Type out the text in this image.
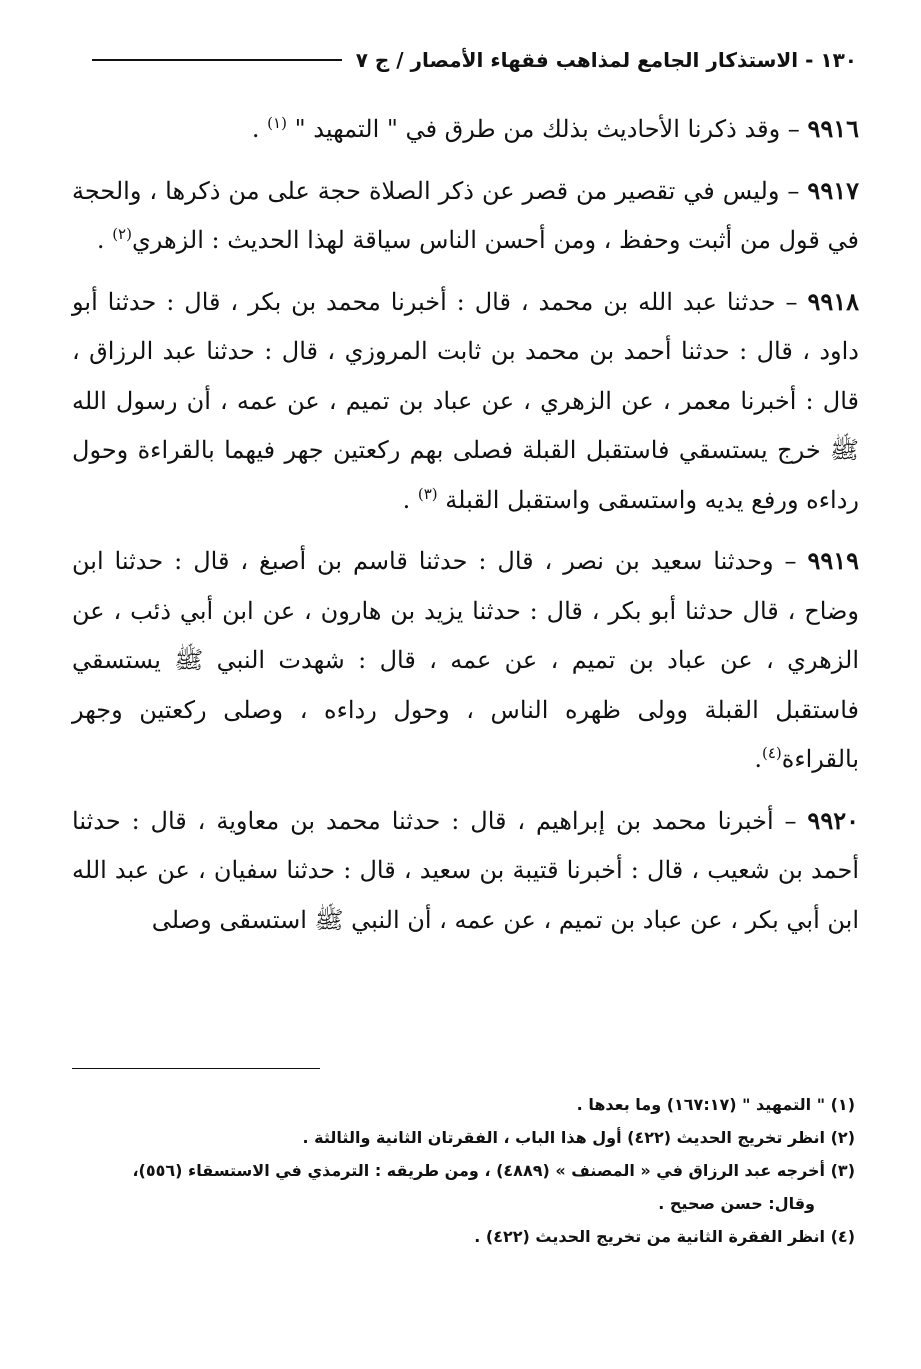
١٣٠ - الاستذكار الجامع لمذاهب فقهاء الأمصار / ج ٧

٩٩١٦ – وقد ذكرنا الأحاديث بذلك من طرق في " التمهيد " $^{(١)}$ .

٩٩١٧ – وليس في تقصير من قصر عن ذكر الصلاة حجة على من ذكرها ، والحجة في قول من أثبت وحفظ ، ومن أحسن الناس سياقة لهذا الحديث : الزهري$^{(٢)}$ .

٩٩١٨ – حدثنا عبد الله بن محمد ، قال : أخبرنا محمد بن بكر ، قال : حدثنا أبو داود ، قال : حدثنا أحمد بن محمد بن ثابت المروزي ، قال : حدثنا عبد الرزاق ، قال : أخبرنا معمر ، عن الزهري ، عن عباد بن تميم ، عن عمه ، أن رسول الله ﷺ خرج يستسقي فاستقبل القبلة فصلى بهم ركعتين جهر فيهما بالقراءة وحول رداءه ورفع يديه واستسقى واستقبل القبلة $^{(٣)}$ .

٩٩١٩ – وحدثنا سعيد بن نصر ، قال : حدثنا قاسم بن أصبغ ، قال : حدثنا ابن وضاح ، قال حدثنا أبو بكر ، قال : حدثنا يزيد بن هارون ، عن ابن أبي ذئب ، عن الزهري ، عن عباد بن تميم ، عن عمه ، قال : شهدت النبي ﷺ يستسقي فاستقبل القبلة وولى ظهره الناس ، وحول رداءه ، وصلى ركعتين وجهر بالقراءة$^{(٤)}$.

٩٩٢٠ – أخبرنا محمد بن إبراهيم ، قال : حدثنا محمد بن معاوية ، قال : حدثنا أحمد بن شعيب ، قال : أخبرنا قتيبة بن سعيد ، قال : حدثنا سفيان ، عن عبد الله ابن أبي بكر ، عن عباد بن تميم ، عن عمه ، أن النبي ﷺ استسقى وصلى

(١) " التمهيد " (١٦٧:١٧) وما بعدها .

(٢) انظر تخريج الحديث (٤٢٢) أول هذا الباب ، الفقرتان الثانية والثالثة .

(٣) أخرجه عبد الرزاق في « المصنف » (٤٨٨٩) ، ومن طريقه : الترمذي في الاستسقاء (٥٥٦)،

وقال: حسن صحيح .

(٤) انظر الفقرة الثانية من تخريج الحديث (٤٢٢) .
